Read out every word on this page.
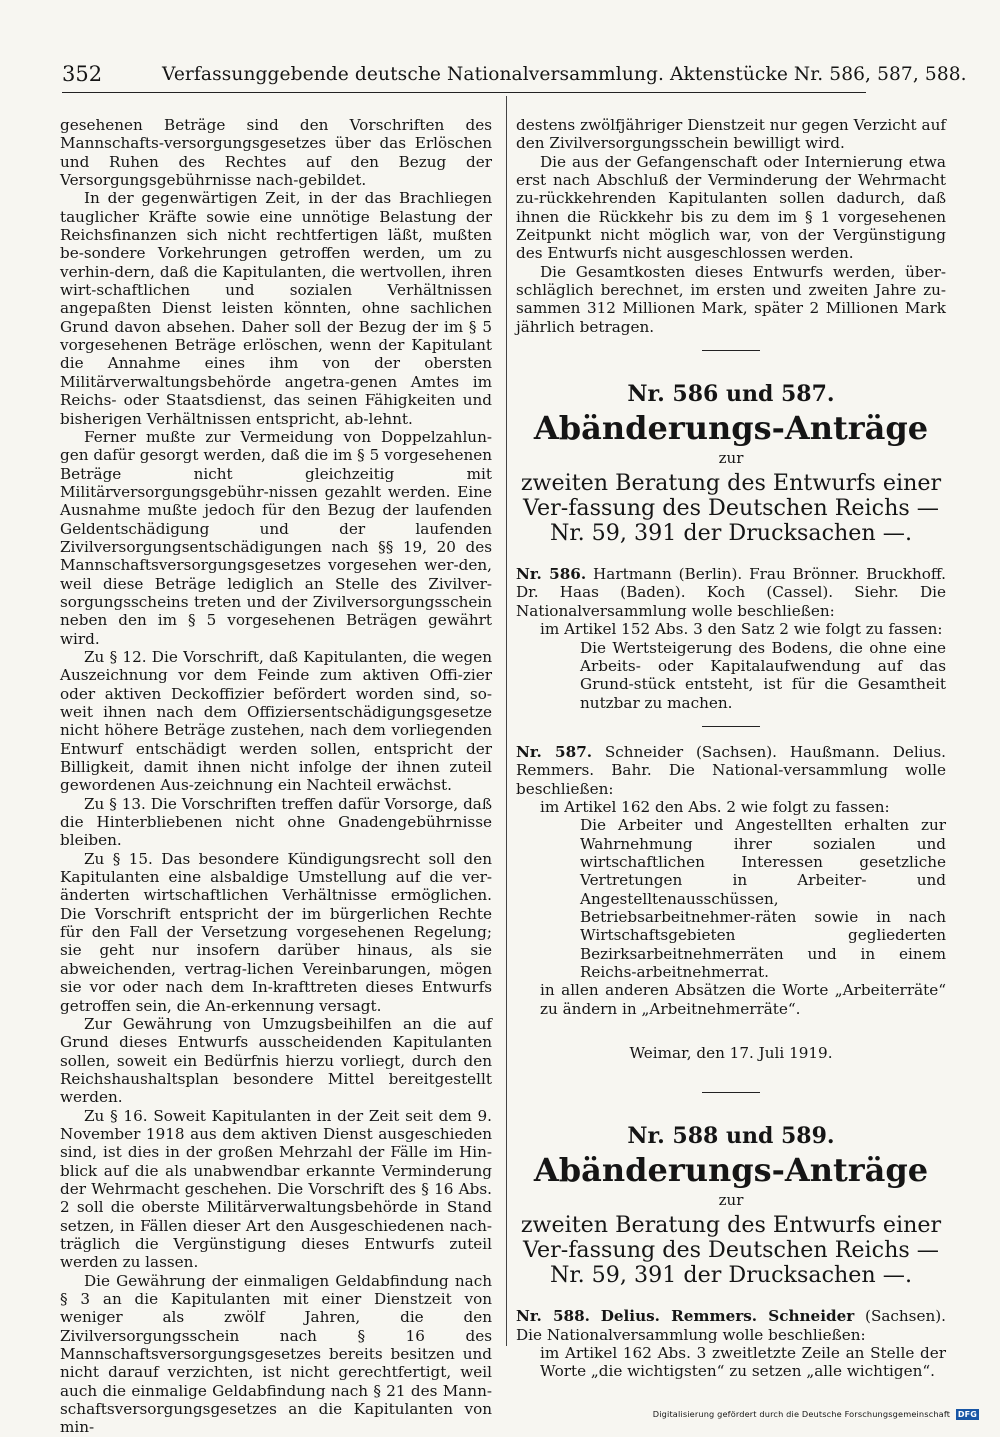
352	Verfassunggebende deutsche Nationalversammlung. Aktenstücke Nr. 586, 587, 588.

gesehenen Beträge sind den Vorschriften des Mannschafts-versorgungsgesetzes über das Erlöschen und Ruhen des Rechtes auf den Bezug der Versorgungsgebührnisse nach-gebildet.

In der gegenwärtigen Zeit, in der das Brachliegen tauglicher Kräfte sowie eine unnötige Belastung der Reichsfinanzen sich nicht rechtfertigen läßt, mußten be-sondere Vorkehrungen getroffen werden, um zu verhin-dern, daß die Kapitulanten, die wertvollen, ihren wirt-schaftlichen und sozialen Verhältnissen angepaßten Dienst leisten könnten, ohne sachlichen Grund davon absehen. Daher soll der Bezug der im § 5 vorgesehenen Beträge erlöschen, wenn der Kapitulant die Annahme eines ihm von der obersten Militärverwaltungsbehörde angetra-genen Amtes im Reichs- oder Staatsdienst, das seinen Fähigkeiten und bisherigen Verhältnissen entspricht, ab-lehnt.

Ferner mußte zur Vermeidung von Doppelzahlun-gen dafür gesorgt werden, daß die im § 5 vorgesehenen Beträge nicht gleichzeitig mit Militärversorgungsgebühr-nissen gezahlt werden. Eine Ausnahme mußte jedoch für den Bezug der laufenden Geldentschädigung und der laufenden Zivilversorgungsentschädigungen nach §§ 19, 20 des Mannschaftsversorgungsgesetzes vorgesehen wer-den, weil diese Beträge lediglich an Stelle des Zivilver-sorgungsscheins treten und der Zivilversorgungsschein neben den im § 5 vorgesehenen Beträgen gewährt wird.

Zu § 12. Die Vorschrift, daß Kapitulanten, die wegen Auszeichnung vor dem Feinde zum aktiven Offi-zier oder aktiven Deckoffizier befördert worden sind, so-weit ihnen nach dem Offiziersentschädigungsgesetze nicht höhere Beträge zustehen, nach dem vorliegenden Entwurf entschädigt werden sollen, entspricht der Billigkeit, damit ihnen nicht infolge der ihnen zuteil gewordenen Aus-zeichnung ein Nachteil erwächst.

Zu § 13. Die Vorschriften treffen dafür Vorsorge, daß die Hinterbliebenen nicht ohne Gnadengebührnisse bleiben.

Zu § 15. Das besondere Kündigungsrecht soll den Kapitulanten eine alsbaldige Umstellung auf die ver-änderten wirtschaftlichen Verhältnisse ermöglichen. Die Vorschrift entspricht der im bürgerlichen Rechte für den Fall der Versetzung vorgesehenen Regelung; sie geht nur insofern darüber hinaus, als sie abweichenden, vertrag-lichen Vereinbarungen, mögen sie vor oder nach dem In-krafttreten dieses Entwurfs getroffen sein, die An-erkennung versagt.

Zur Gewährung von Umzugsbeihilfen an die auf Grund dieses Entwurfs ausscheidenden Kapitulanten sollen, soweit ein Bedürfnis hierzu vorliegt, durch den Reichshaushaltsplan besondere Mittel bereitgestellt werden.

Zu § 16. Soweit Kapitulanten in der Zeit seit dem 9. November 1918 aus dem aktiven Dienst ausgeschieden sind, ist dies in der großen Mehrzahl der Fälle im Hin-blick auf die als unabwendbar erkannte Verminderung der Wehrmacht geschehen. Die Vorschrift des § 16 Abs. 2 soll die oberste Militärverwaltungsbehörde in Stand setzen, in Fällen dieser Art den Ausgeschiedenen nach-träglich die Vergünstigung dieses Entwurfs zuteil werden zu lassen.

Die Gewährung der einmaligen Geldabfindung nach § 3 an die Kapitulanten mit einer Dienstzeit von weniger als zwölf Jahren, die den Zivilversorgungsschein nach § 16 des Mannschaftsversorgungsgesetzes bereits besitzen und nicht darauf verzichten, ist nicht gerechtfertigt, weil auch die einmalige Geldabfindung nach § 21 des Mann-schaftsversorgungsgesetzes an die Kapitulanten von min-

destens zwölfjähriger Dienstzeit nur gegen Verzicht auf den Zivilversorgungsschein bewilligt wird.

Die aus der Gefangenschaft oder Internierung etwa erst nach Abschluß der Verminderung der Wehrmacht zu-rückkehrenden Kapitulanten sollen dadurch, daß ihnen die Rückkehr bis zu dem im § 1 vorgesehenen Zeitpunkt nicht möglich war, von der Vergünstigung des Entwurfs nicht ausgeschlossen werden.

Die Gesamtkosten dieses Entwurfs werden, über-schläglich berechnet, im ersten und zweiten Jahre zu-sammen 312 Millionen Mark, später 2 Millionen Mark jährlich betragen.

Nr. 586 und 587.
Abänderungs-Anträge
zur
zweiten Beratung des Entwurfs einer Ver-fassung des Deutschen Reichs — Nr. 59, 391 der Drucksachen —.

Nr. 586. Hartmann (Berlin). Frau Brönner. Bruckhoff. Dr. Haas (Baden). Koch (Cassel). Siehr. Die Nationalversammlung wolle beschließen:

im Artikel 152 Abs. 3 den Satz 2 wie folgt zu fassen:

Die Wertsteigerung des Bodens, die ohne eine Arbeits- oder Kapitalaufwendung auf das Grund-stück entsteht, ist für die Gesamtheit nutzbar zu machen.

Nr. 587. Schneider (Sachsen). Haußmann. Delius. Remmers. Bahr. Die National-versammlung wolle beschließen:

im Artikel 162 den Abs. 2 wie folgt zu fassen:

Die Arbeiter und Angestellten erhalten zur Wahrnehmung ihrer sozialen und wirtschaftlichen Interessen gesetzliche Vertretungen in Arbeiter- und Angestelltenausschüssen, Betriebsarbeitnehmer-räten sowie in nach Wirtschaftsgebieten gegliederten Bezirksarbeitnehmerräten und in einem Reichs-arbeitnehmerrat.

in allen anderen Absätzen die Worte „Arbeiterräte“ zu ändern in „Arbeitnehmerräte“.

Weimar, den 17. Juli 1919.
Nr. 588 und 589.
Abänderungs-Anträge
zur
zweiten Beratung des Entwurfs einer Ver-fassung des Deutschen Reichs — Nr. 59, 391 der Drucksachen —.

Nr. 588. Delius. Remmers. Schneider (Sachsen). Die Nationalversammlung wolle beschließen:

im Artikel 162 Abs. 3 zweitletzte Zeile an Stelle der Worte „die wichtigsten“ zu setzen „alle wichtigen“.

Digitalisierung gefördert durch die Deutsche Forschungsgemeinschaft DFG
